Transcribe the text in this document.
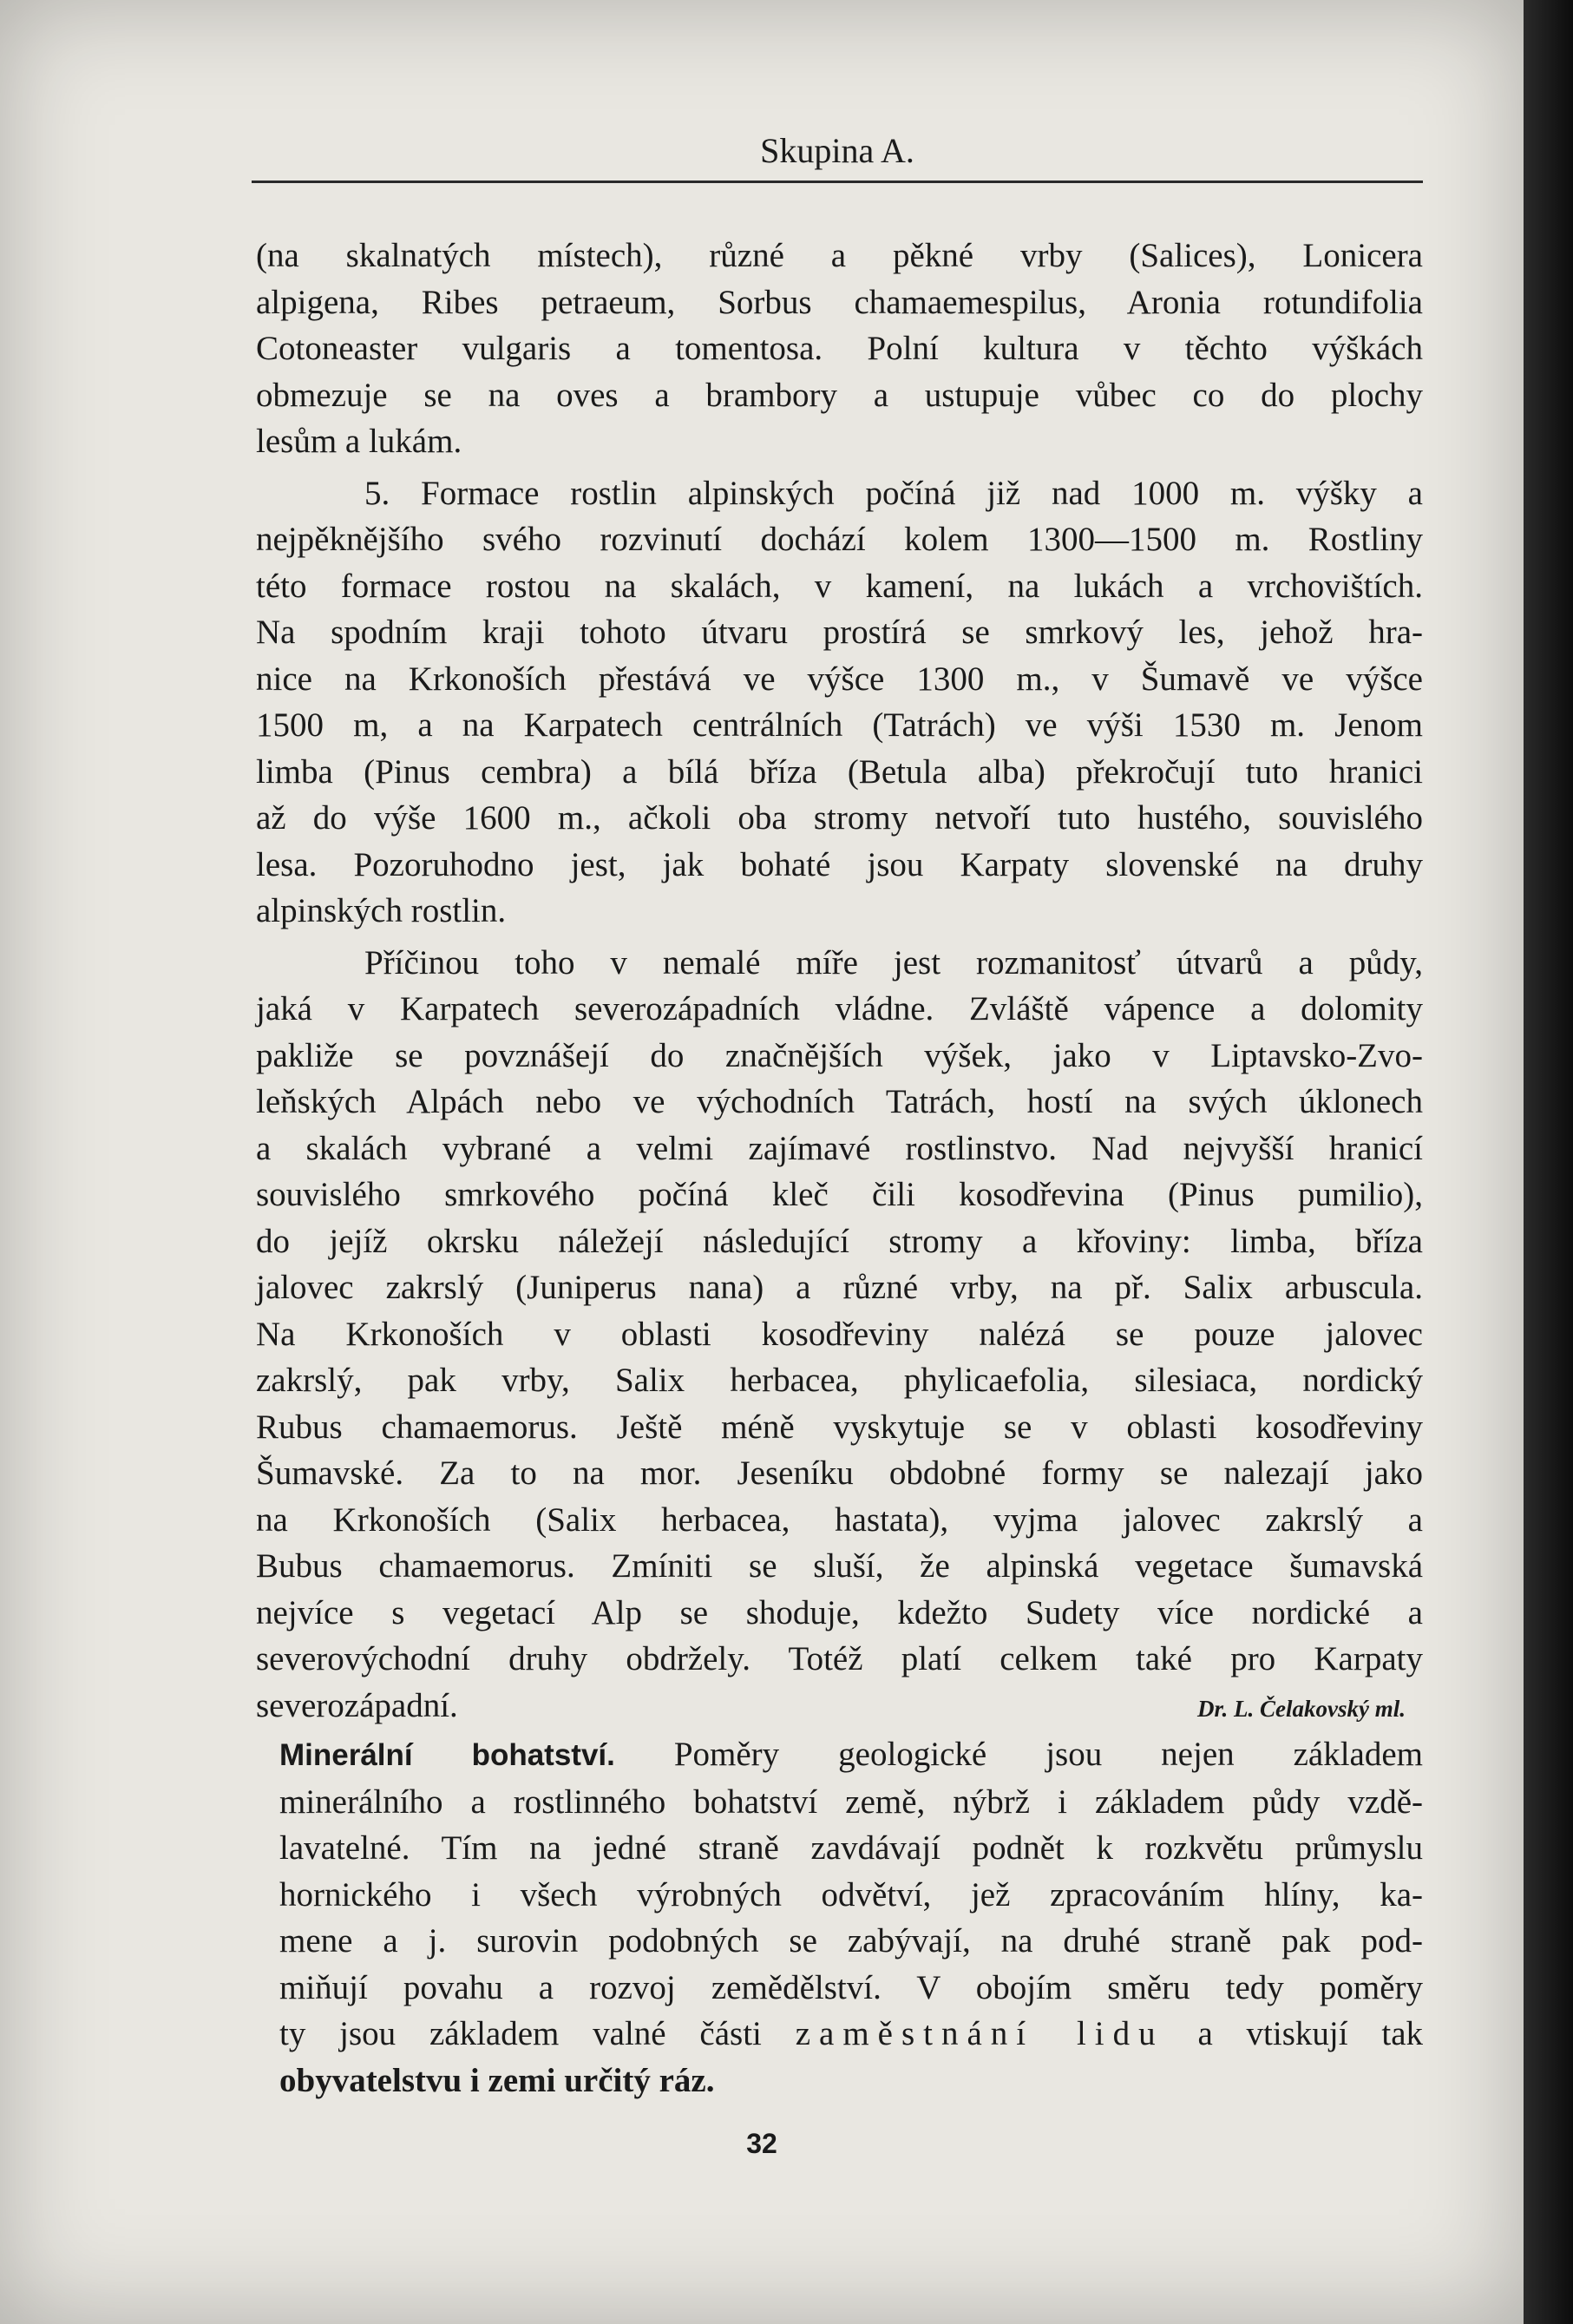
Skupina A.
(na skalnatých místech), různé a pěkné vrby (Salices), Lonicera
alpigena, Ribes petraeum, Sorbus chamaemespilus, Aronia rotundifolia
Cotoneaster vulgaris a tomentosa. Polní kultura v těchto výškách
obmezuje se na oves a brambory a ustupuje vůbec co do plochy
lesům a lukám.
5. Formace rostlin alpinských počíná již nad 1000 m. výšky a
nejpěknějšího svého rozvinutí dochází kolem 1300—1500 m. Rostliny
této formace rostou na skalách, v kamení, na lukách a vrchovištích.
Na spodním kraji tohoto útvaru prostírá se smrkový les, jehož hra-
nice na Krkonoších přestává ve výšce 1300 m., v Šumavě ve výšce
1500 m, a na Karpatech centrálních (Tatrách) ve výši 1530 m. Jenom
limba (Pinus cembra) a bílá bříza (Betula alba) překročují tuto hranici
až do výše 1600 m., ačkoli oba stromy netvoří tuto hustého, souvislého
lesa. Pozoruhodno jest, jak bohaté jsou Karpaty slovenské na druhy
alpinských rostlin.
Příčinou toho v nemalé míře jest rozmanitosť útvarů a půdy,
jaká v Karpatech severozápadních vládne. Zvláště vápence a dolomity
pakliže se povznášejí do značnějších výšek, jako v Liptavsko-Zvo-
leňských Alpách nebo ve východních Tatrách, hostí na svých úklonech
a skalách vybrané a velmi zajímavé rostlinstvo. Nad nejvyšší hranicí
souvislého smrkového počíná kleč čili kosodřevina (Pinus pumilio),
do jejíž okrsku náležejí následující stromy a křoviny: limba, bříza
jalovec zakrslý (Juniperus nana) a různé vrby, na př. Salix arbuscula.
Na Krkonoších v oblasti kosodřeviny nalézá se pouze jalovec
zakrslý, pak vrby, Salix herbacea, phylicaefolia, silesiaca, nordický
Rubus chamaemorus. Ještě méně vyskytuje se v oblasti kosodřeviny
Šumavské. Za to na mor. Jeseníku obdobné formy se nalezají jako
na Krkonoších (Salix herbacea, hastata), vyjma jalovec zakrslý a
Bubus chamaemorus. Zmíniti se sluší, že alpinská vegetace šumavská
nejvíce s vegetací Alp se shoduje, kdežto Sudety více nordické a
severovýchodní druhy obdržely. Totéž platí celkem také pro Karpaty
severozápadní.	Dr. L. Čelakovský ml.
Minerální bohatství. Poměry geologické jsou nejen základem
minerálního a rostlinného bohatství země, nýbrž i základem půdy vzdě-
lavatelné. Tím na jedné straně zavdávají podnět k rozkvětu průmyslu
hornického i všech výrobných odvětví, jež zpracováním hlíny, ka-
mene a j. surovin podobných se zabývají, na druhé straně pak pod-
miňují povahu a rozvoj zemědělství. V obojím směru tedy poměry
ty jsou základem valné části zaměstnání lidu a vtiskují tak
obyvatelstvu i zemi určitý ráz.
32
